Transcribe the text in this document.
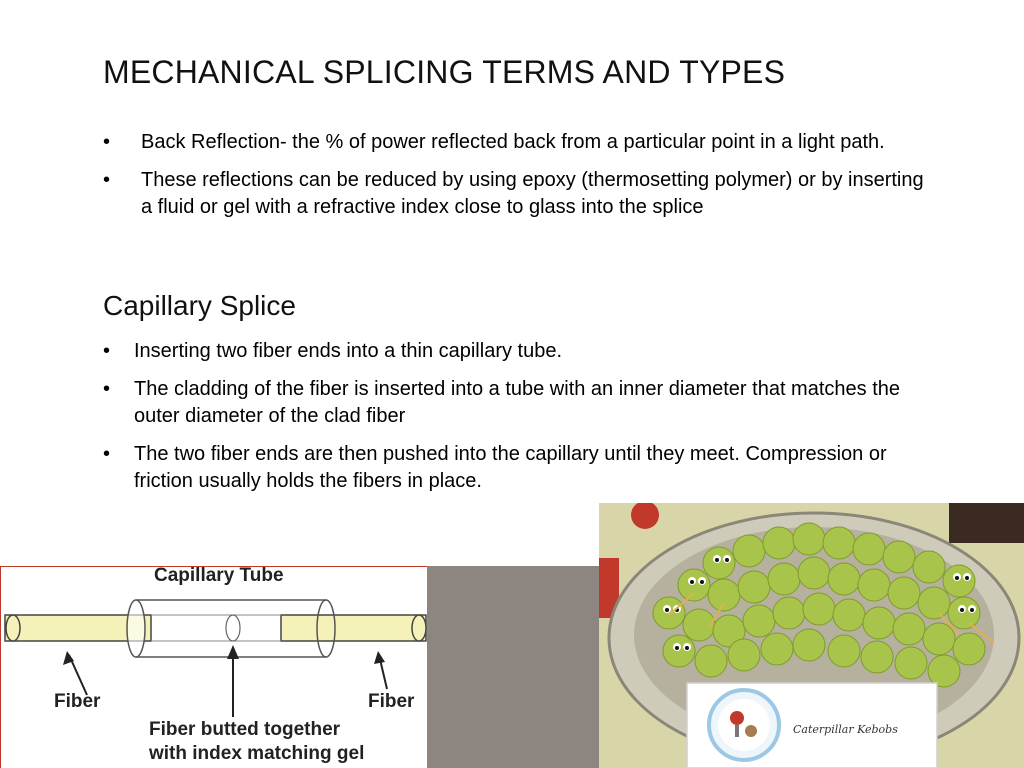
MECHANICAL SPLICING TERMS AND TYPES
• Back Reflection- the % of power reflected back from a particular point in a light path.
• These reflections can be reduced by using epoxy (thermosetting polymer) or by inserting a fluid or gel with a refractive index close to glass into the splice
Capillary Splice
• Inserting two fiber ends into a thin capillary tube.
• The cladding of the fiber is inserted into a tube with an inner diameter that matches the outer diameter of the clad fiber
• The two fiber ends are then pushed into the capillary until they meet. Compression or friction usually holds the fibers in place.

Capillary Tube

Fiber	Fiber

Fiber butted together

with index matching gel

Caterpillar Kebobs
